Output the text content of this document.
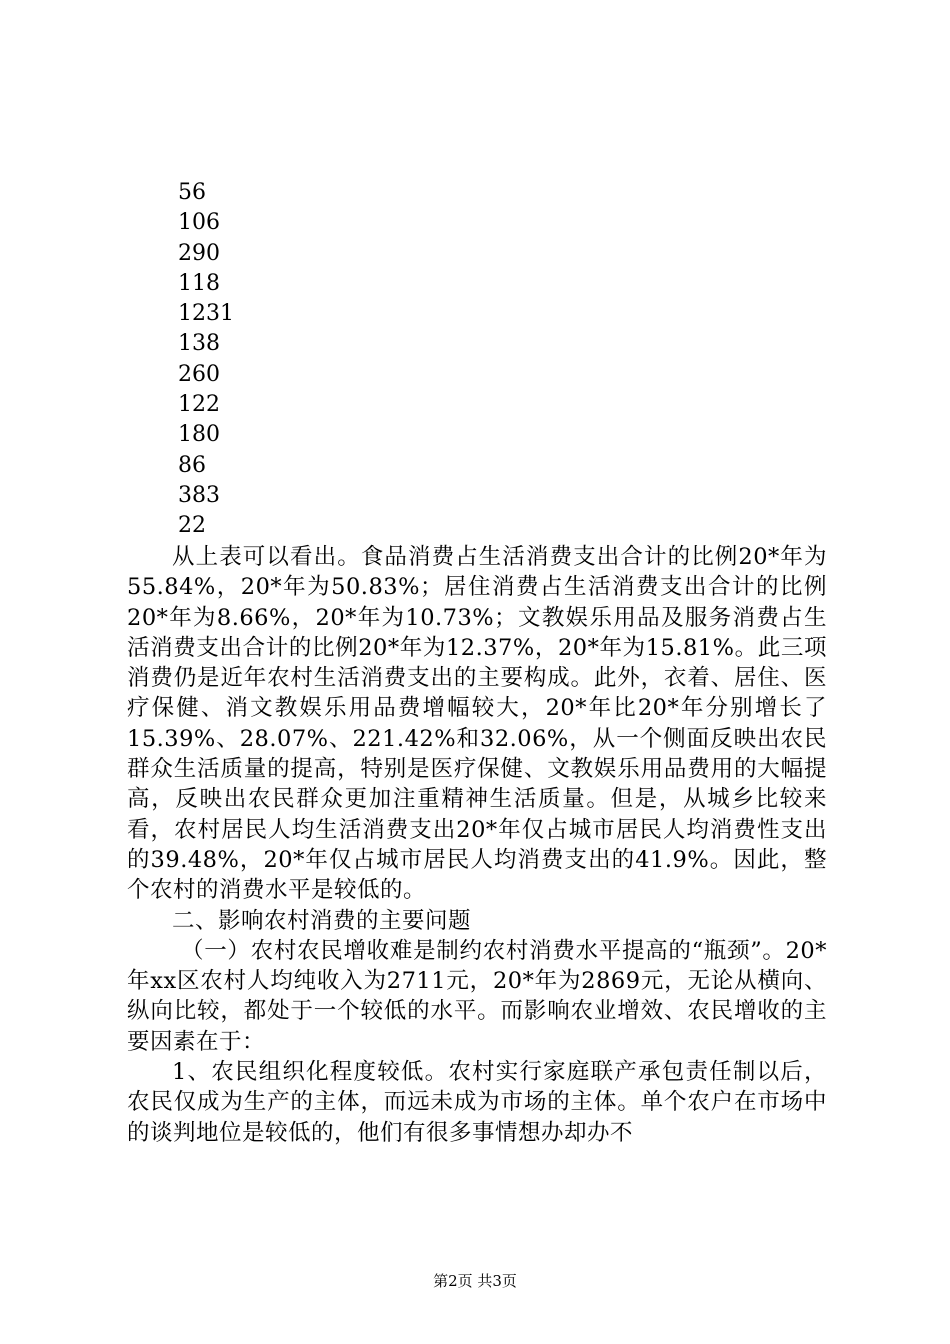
56
106
290
118
1231
138
260
122
180
86
383
22

从上表可以看出。食品消费占生活消费支出合计的比例20*年为55.84%，20*年为50.83%；居住消费占生活消费支出合计的比例20*年为8.66%，20*年为10.73%；文教娱乐用品及服务消费占生活消费支出合计的比例20*年为12.37%，20*年为15.81%。此三项消费仍是近年农村生活消费支出的主要构成。此外，衣着、居住、医疗保健、消文教娱乐用品费增幅较大，20*年比20*年分别增长了15.39%、28.07%、221.42%和32.06%，从一个侧面反映出农民群众生活质量的提高，特别是医疗保健、文教娱乐用品费用的大幅提高，反映出农民群众更加注重精神生活质量。但是，从城乡比较来看，农村居民人均生活消费支出20*年仅占城市居民人均消费性支出的39.48%，20*年仅占城市居民人均消费支出的41.9%。因此，整个农村的消费水平是较低的。

二、影响农村消费的主要问题

（一）农村农民增收难是制约农村消费水平提高的“瓶颈”。20*年xx区农村人均纯收入为2711元，20*年为2869元，无论从横向、纵向比较，都处于一个较低的水平。而影响农业增效、农民增收的主要因素在于：

1、农民组织化程度较低。农村实行家庭联产承包责任制以后，农民仅成为生产的主体，而远未成为市场的主体。单个农户在市场中的谈判地位是较低的，他们有很多事情想办却办不

第2页 共3页
